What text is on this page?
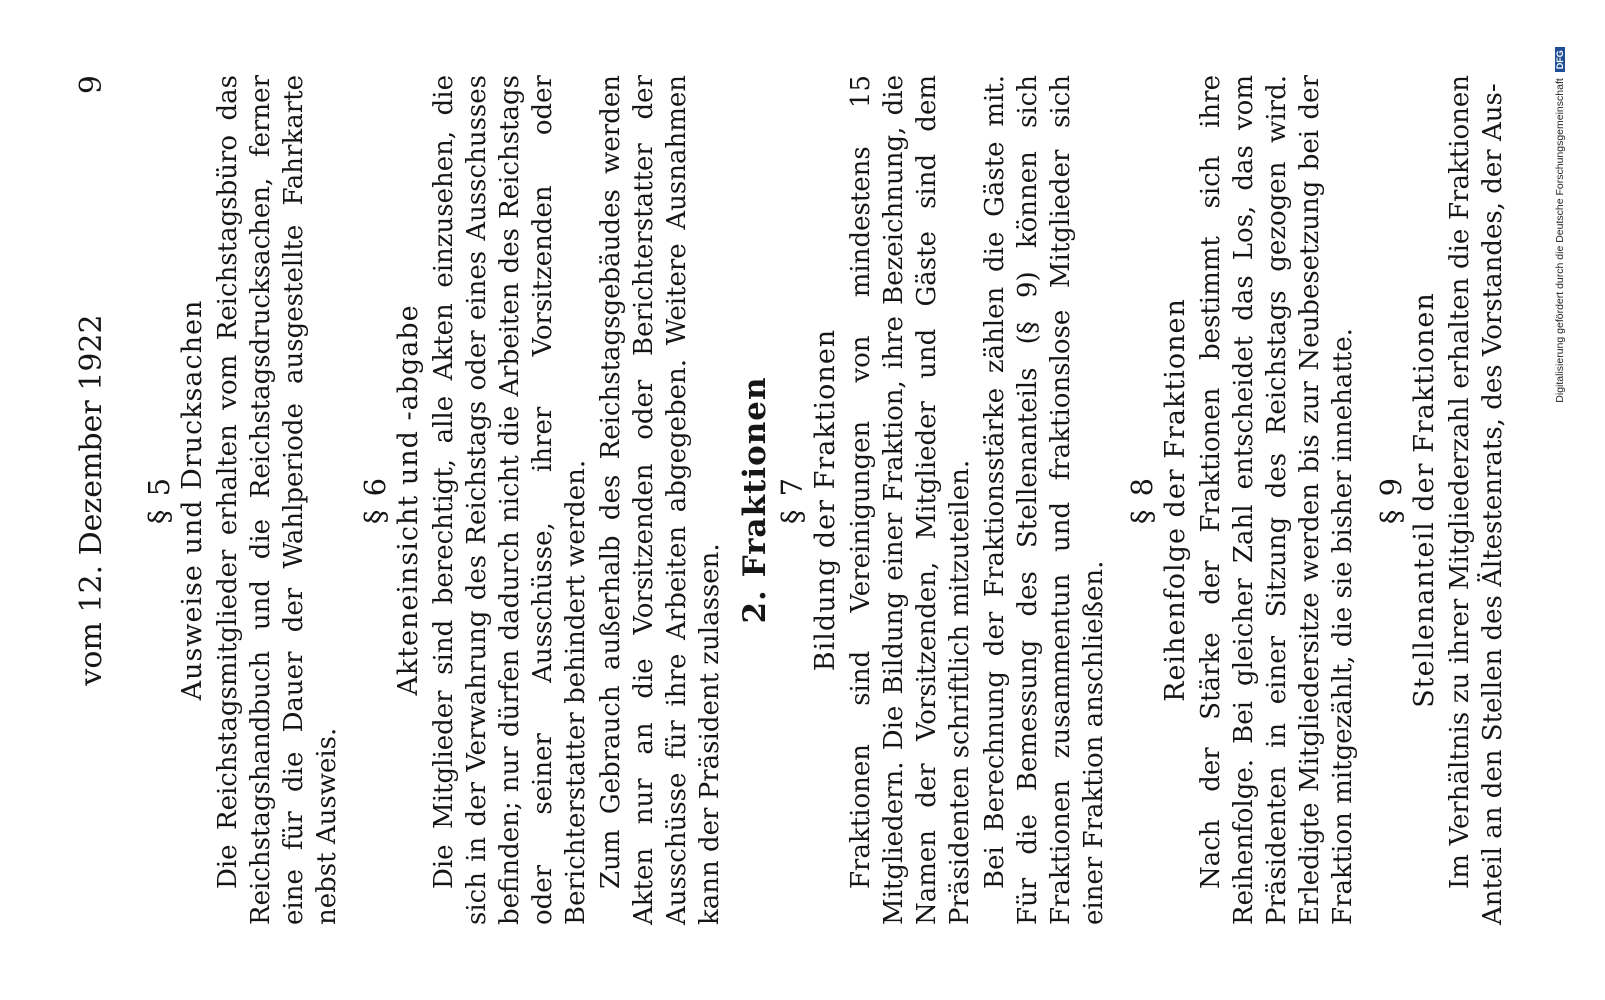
vom 12. Dezember 1922
9
§ 5 Ausweise und Drucksachen Die Reichstagsmitglieder erhalten vom Reichstagsbüro das Reichstagshandbuch und die Reichstagsdrucksachen, ferner eine für die Dauer der Wahlperiode ausgestellte Fahrkarte nebst Ausweis.

§ 6 Akteneinsicht und -abgabe Die Mitglieder sind berechtigt, alle Akten einzusehen, die sich in der Verwahrung des Reichstags oder eines Ausschusses befinden; nur dürfen dadurch nicht die Arbeiten des Reichstags oder seiner Ausschüsse, ihrer Vorsitzenden oder Berichterstatter behindert werden. Zum Gebrauch außerhalb des Reichstagsgebäudes werden Akten nur an die Vorsitzenden oder Berichterstatter der Ausschüsse für ihre Arbeiten abgegeben. Weitere Ausnahmen kann der Präsident zulassen.

2. Fraktionen § 7 Bildung der Fraktionen Fraktionen sind Vereinigungen von mindestens 15 Mitgliedern. Die Bildung einer Fraktion, ihre Bezeichnung, die Namen der Vorsitzenden, Mitglieder und Gäste sind dem Präsidenten schriftlich mitzuteilen. Bei Berechnung der Fraktionsstärke zählen die Gäste mit. Für die Bemessung des Stellenanteils (§ 9) können sich Fraktionen zusammentun und fraktionslose Mitglieder sich einer Fraktion anschließen.

§ 8 Reihenfolge der Fraktionen Nach der Stärke der Fraktionen bestimmt sich ihre Reihenfolge. Bei gleicher Zahl entscheidet das Los, das vom Präsidenten in einer Sitzung des Reichstags gezogen wird. Erledigte Mitgliedersitze werden bis zur Neubesetzung bei der Fraktion mitgezählt, die sie bisher innehatte. § 9 Stellenanteil der Fraktionen Im Verhältnis zu ihrer Mitgliederzahl erhalten die Fraktionen Anteil an den Stellen des Ältestenrats, des Vorstandes, der Aus-	Digitalisierung gefördert durch die Deutsche Forschungsgemeinschaft DFG
